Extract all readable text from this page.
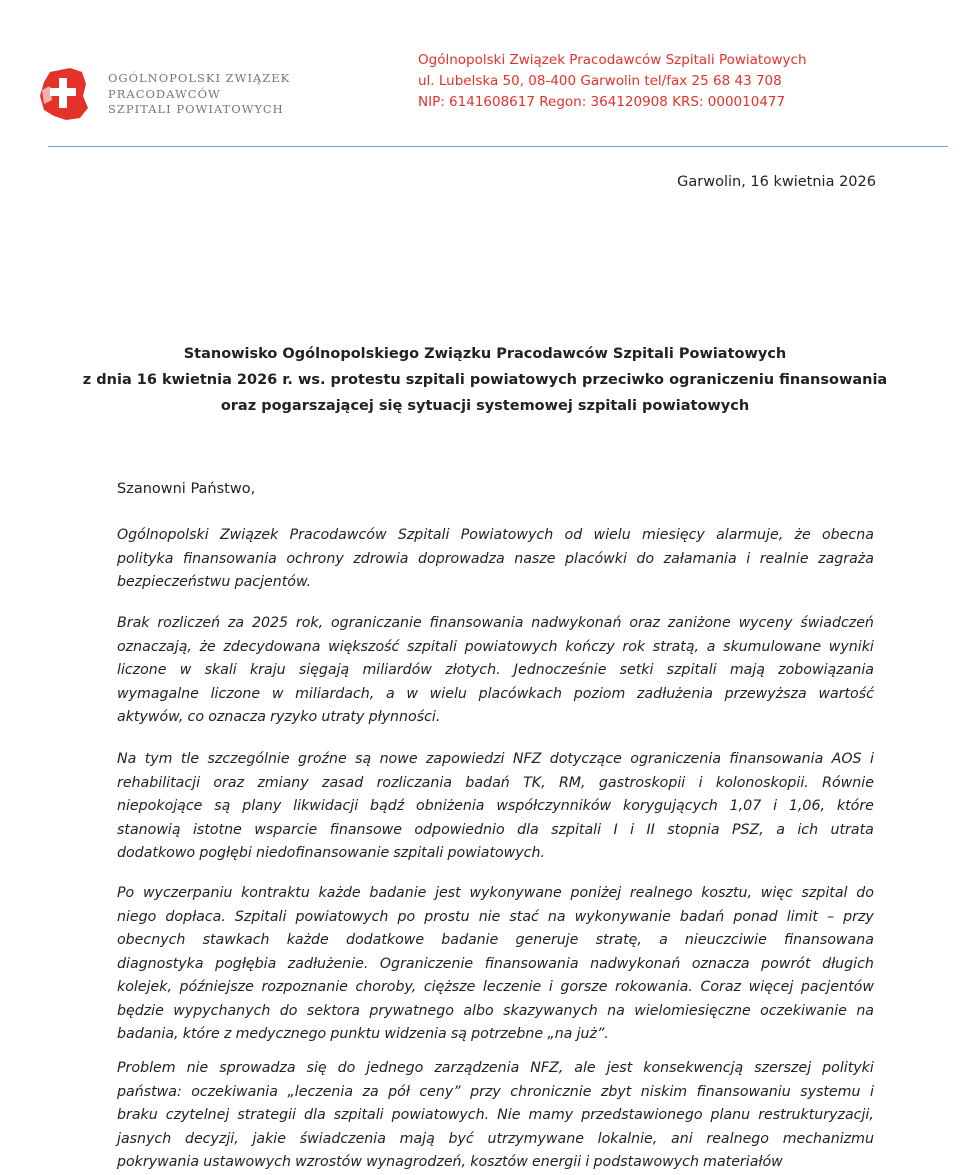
OGÓLNOPOLSKI ZWIĄZEK
PRACODAWCÓW
SZPITALI POWIATOWYCH
Ogólnopolski Związek Pracodawców Szpitali Powiatowych
ul. Lubelska 50, 08-400 Garwolin tel/fax 25 68 43 708
NIP: 6141608617 Regon: 364120908 KRS: 000010477
Garwolin, 16 kwietnia 2026
Stanowisko Ogólnopolskiego Związku Pracodawców Szpitali Powiatowych
z dnia 16 kwietnia 2026 r. ws. protestu szpitali powiatowych przeciwko ograniczeniu finansowania
oraz pogarszającej się sytuacji systemowej szpitali powiatowych
Szanowni Państwo,
Ogólnopolski Związek Pracodawców Szpitali Powiatowych od wielu miesięcy alarmuje, że obecna
polityka finansowania ochrony zdrowia doprowadza nasze placówki do załamania i realnie zagraża
bezpieczeństwu pacjentów.
Brak rozliczeń za 2025 rok, ograniczanie finansowania nadwykonań oraz zaniżone wyceny świadczeń
oznaczają, że zdecydowana większość szpitali powiatowych kończy rok stratą, a skumulowane wyniki
liczone w skali kraju sięgają miliardów złotych. Jednocześnie setki szpitali mają zobowiązania
wymagalne liczone w miliardach, a w wielu placówkach poziom zadłużenia przewyższa wartość
aktywów, co oznacza ryzyko utraty płynności.
Na tym tle szczególnie groźne są nowe zapowiedzi NFZ dotyczące ograniczenia finansowania AOS i
rehabilitacji oraz zmiany zasad rozliczania badań TK, RM, gastroskopii i kolonoskopii. Równie
niepokojące są plany likwidacji bądź obniżenia współczynników korygujących 1,07 i 1,06, które
stanowią istotne wsparcie finansowe odpowiednio dla szpitali I i II stopnia PSZ, a ich utrata
dodatkowo pogłębi niedofinansowanie szpitali powiatowych.
Po wyczerpaniu kontraktu każde badanie jest wykonywane poniżej realnego kosztu, więc szpital do
niego dopłaca. Szpitali powiatowych po prostu nie stać na wykonywanie badań ponad limit – przy
obecnych stawkach każde dodatkowe badanie generuje stratę, a nieuczciwie finansowana
diagnostyka pogłębia zadłużenie. Ograniczenie finansowania nadwykonań oznacza powrót długich
kolejek, późniejsze rozpoznanie choroby, cięższe leczenie i gorsze rokowania. Coraz więcej pacjentów
będzie wypychanych do sektora prywatnego albo skazywanych na wielomiesięczne oczekiwanie na
badania, które z medycznego punktu widzenia są potrzebne „na już”.
Problem nie sprowadza się do jednego zarządzenia NFZ, ale jest konsekwencją szerszej polityki
państwa: oczekiwania „leczenia za pół ceny” przy chronicznie zbyt niskim finansowaniu systemu i
braku czytelnej strategii dla szpitali powiatowych. Nie mamy przedstawionego planu restrukturyzacji,
jasnych decyzji, jakie świadczenia mają być utrzymywane lokalnie, ani realnego mechanizmu
pokrywania ustawowych wzrostów wynagrodzeń, kosztów energii i podstawowych materiałów
